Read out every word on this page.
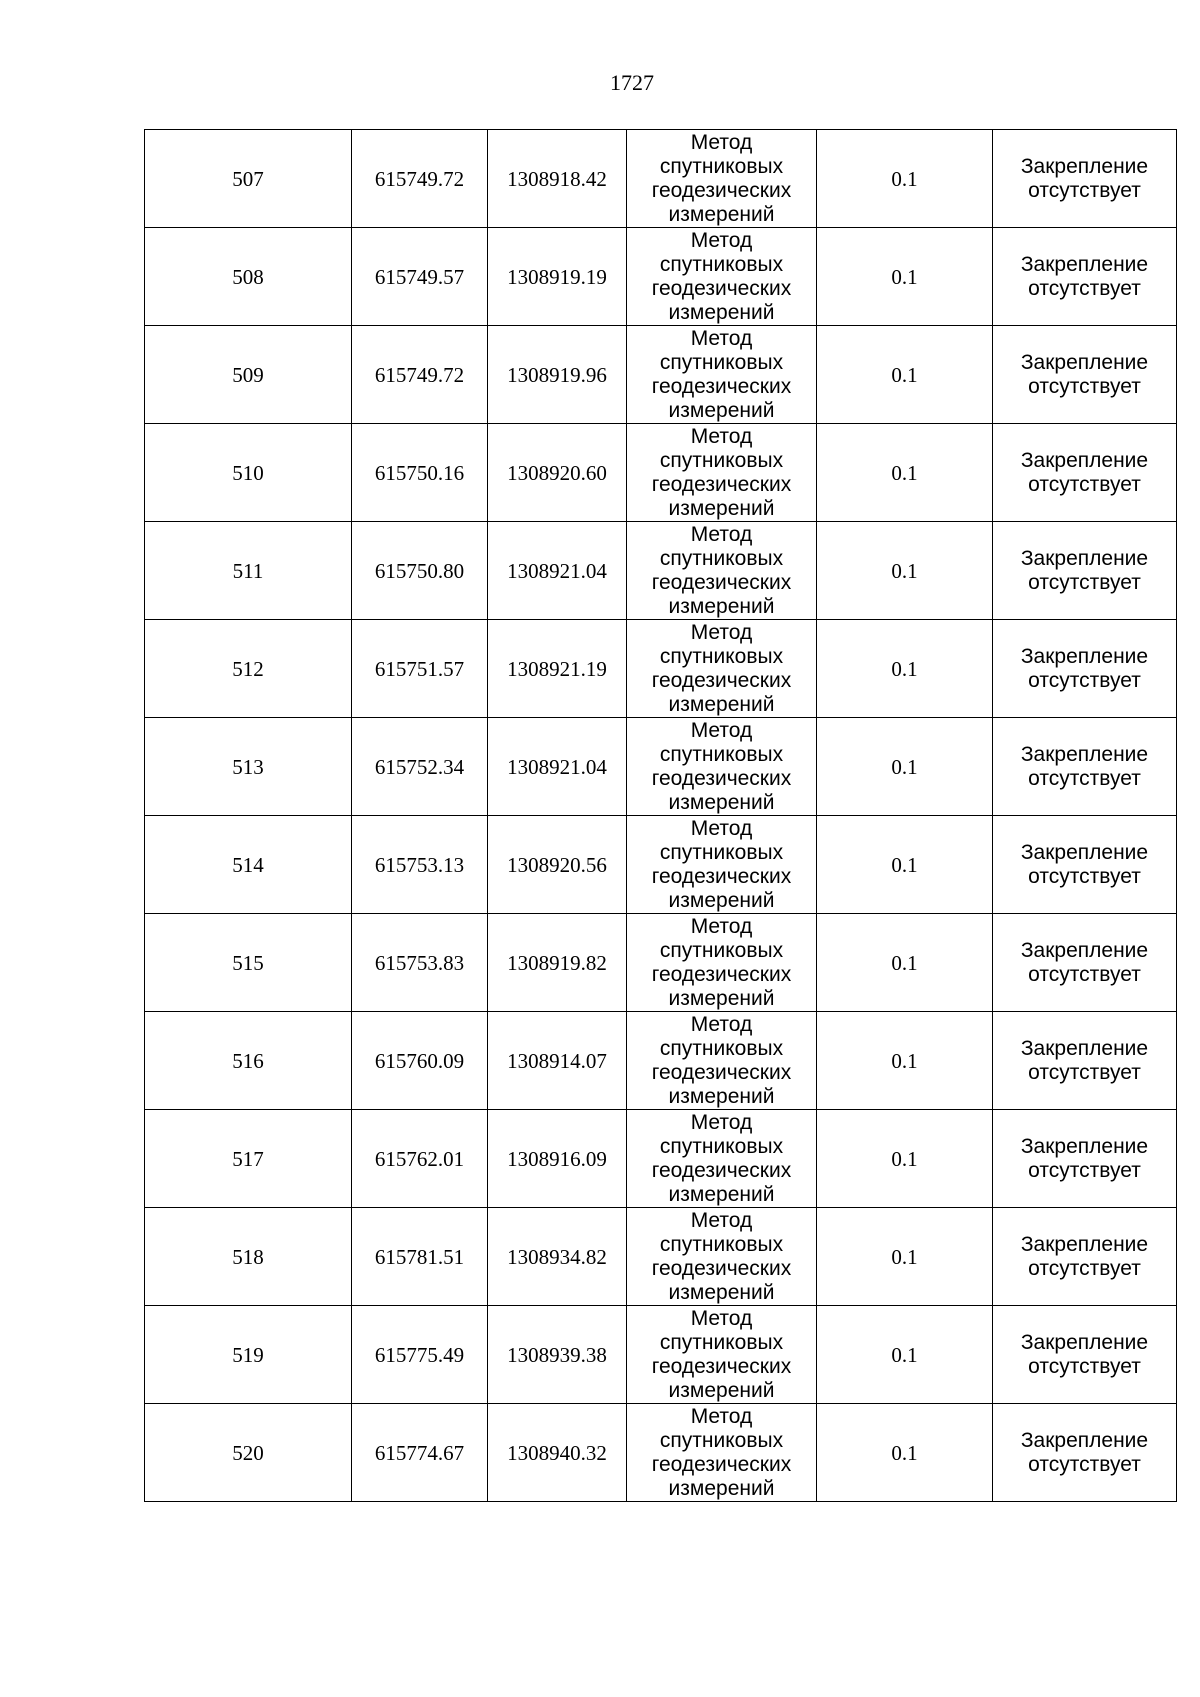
1727
507	615749.72	1308918.42	Метод
спутниковых
геодезических
измерений	0.1	Закрепление
отсутствует

508	615749.57	1308919.19	Метод
спутниковых
геодезических
измерений	0.1	Закрепление
отсутствует

509	615749.72	1308919.96	Метод
спутниковых
геодезических
измерений	0.1	Закрепление
отсутствует

510	615750.16	1308920.60	Метод
спутниковых
геодезических
измерений	0.1	Закрепление
отсутствует

511	615750.80	1308921.04	Метод
спутниковых
геодезических
измерений	0.1	Закрепление
отсутствует

512	615751.57	1308921.19	Метод
спутниковых
геодезических
измерений	0.1	Закрепление
отсутствует

513	615752.34	1308921.04	Метод
спутниковых
геодезических
измерений	0.1	Закрепление
отсутствует

514	615753.13	1308920.56	Метод
спутниковых
геодезических
измерений	0.1	Закрепление
отсутствует

515	615753.83	1308919.82	Метод
спутниковых
геодезических
измерений	0.1	Закрепление
отсутствует

516	615760.09	1308914.07	Метод
спутниковых
геодезических
измерений	0.1	Закрепление
отсутствует

517	615762.01	1308916.09	Метод
спутниковых
геодезических
измерений	0.1	Закрепление
отсутствует

518	615781.51	1308934.82	Метод
спутниковых
геодезических
измерений	0.1	Закрепление
отсутствует

519	615775.49	1308939.38	Метод
спутниковых
геодезических
измерений	0.1	Закрепление
отсутствует

520	615774.67	1308940.32	Метод
спутниковых
геодезических
измерений	0.1	Закрепление
отсутствует
